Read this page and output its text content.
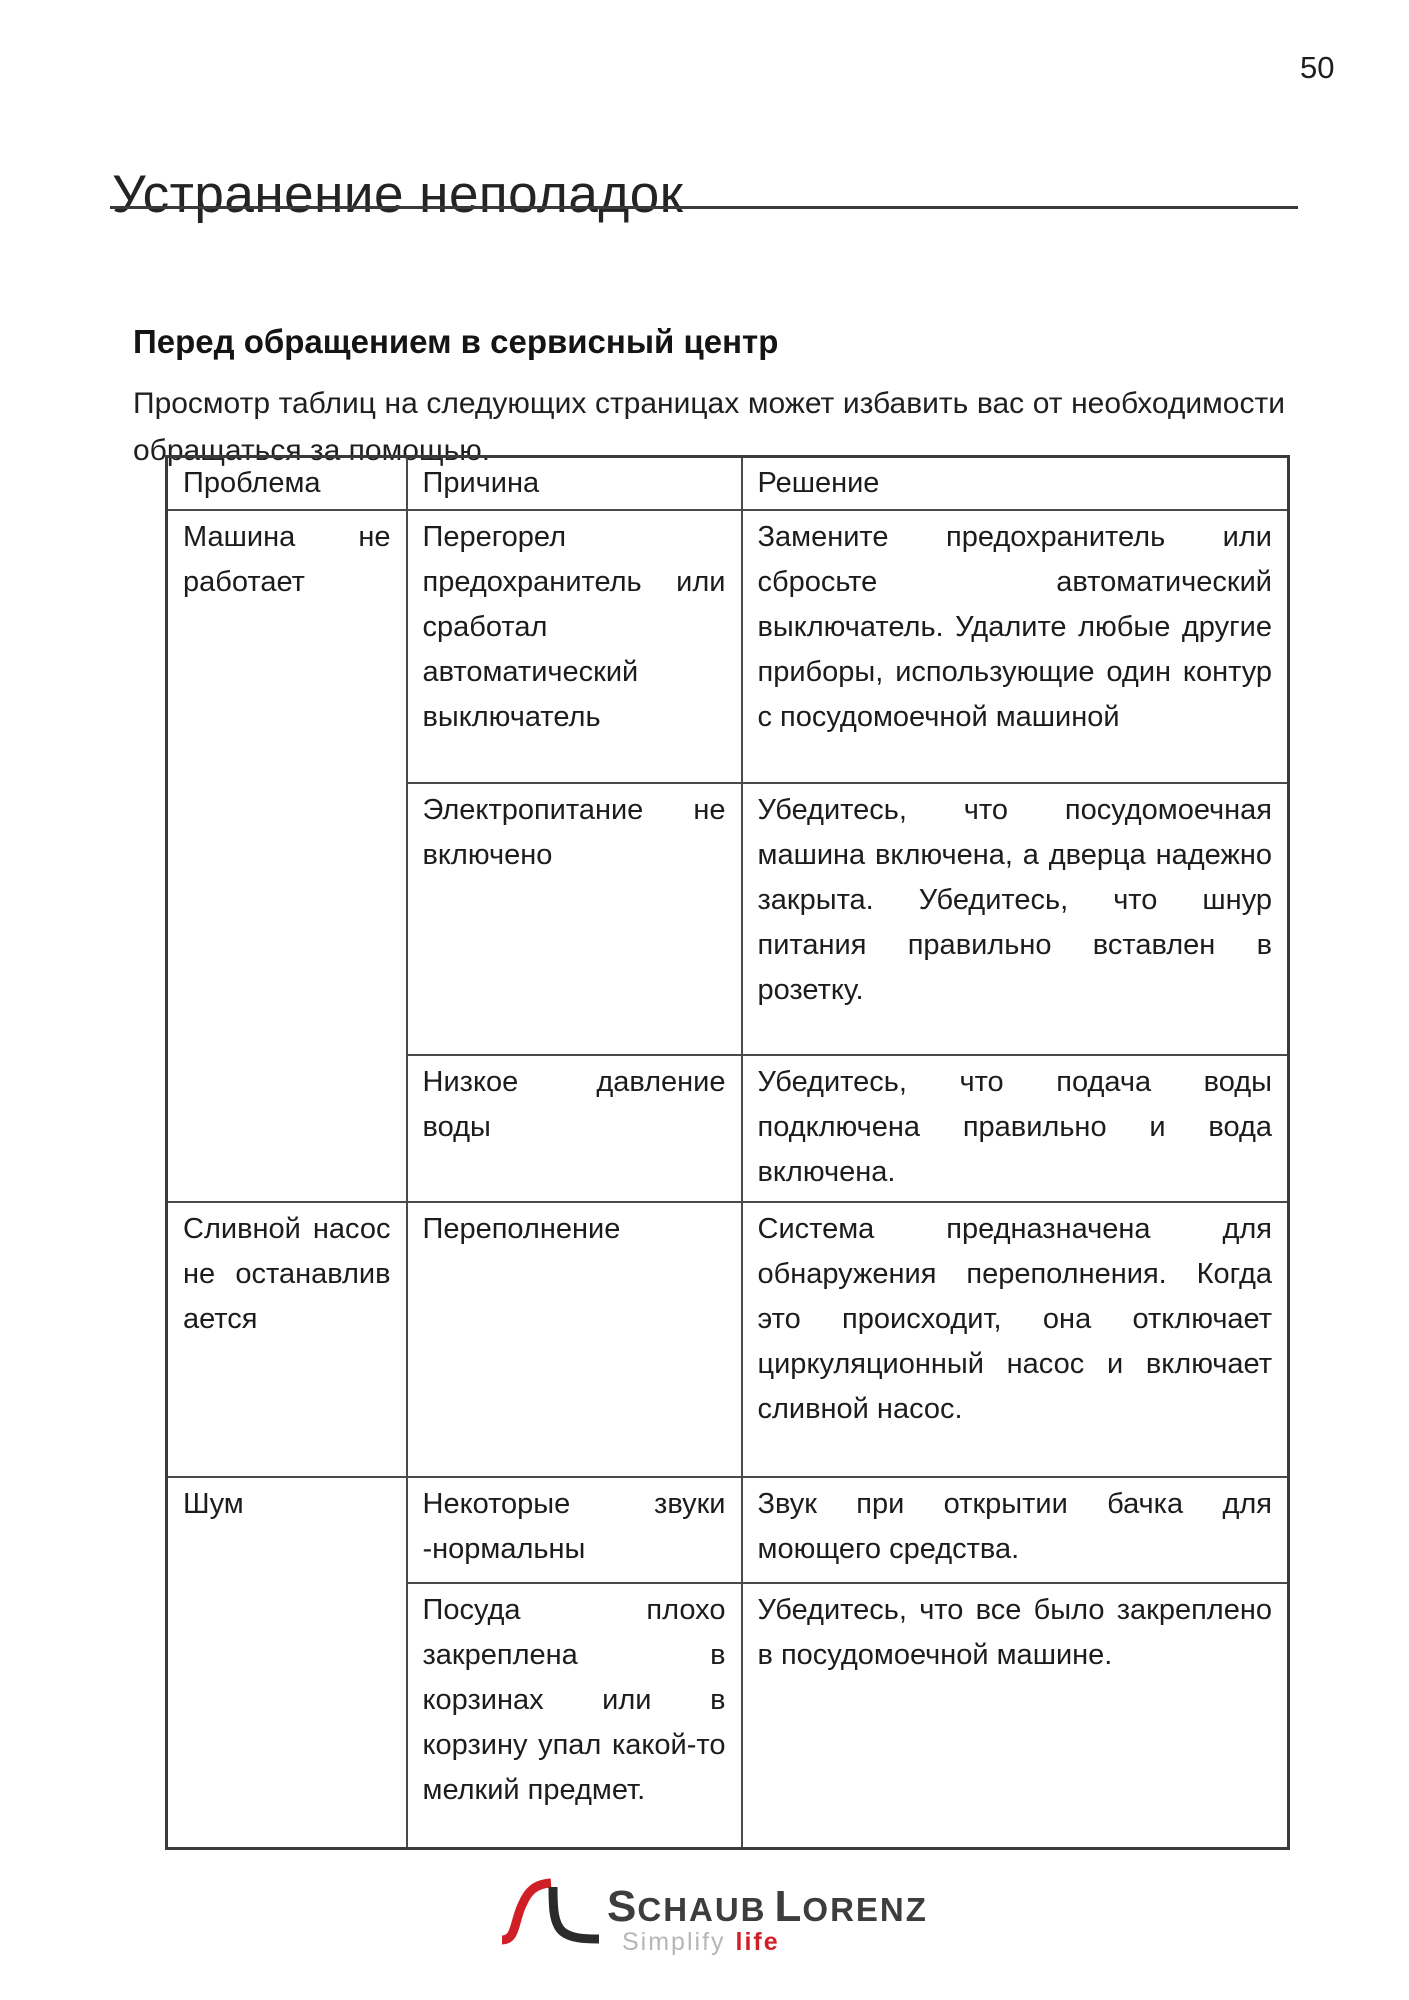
50
Устранение неполадок
Перед обращением в сервисный центр

Просмотр таблиц на следующих страницах может избавить вас от необходимости обращаться за помощью.

Проблема	Причина	Решение
Машина не работает	Перегорел предохранитель или сработал автоматический выключатель	Замените предохранитель или сбросьте автоматический выключатель. Удалите любые другие приборы, использующие один контур с посудомоечной машиной
	Электропитание не включено	Убедитесь, что посудомоечная машина включена, а дверца надежно закрыта. Убедитесь, что шнур питания правильно вставлен в розетку.
	Низкое давление воды	Убедитесь, что подача воды подключена правильно и вода включена.
Сливной насос не останавлив​ается	Переполнение	Система предназначена для обнаружения переполнения. Когда это происходит, она отключает циркуляционный насос и включает сливной насос.
Шум	Некоторые звуки -нормальны	Звук при открытии бачка для моющего средства.
	Посуда плохо закреплена в корзинах или в корзину упал какой-то мелкий предмет.	Убедитесь, что все было закреплено в посудомоечной машине.
SCHAUB LORENZ
Simplify life
